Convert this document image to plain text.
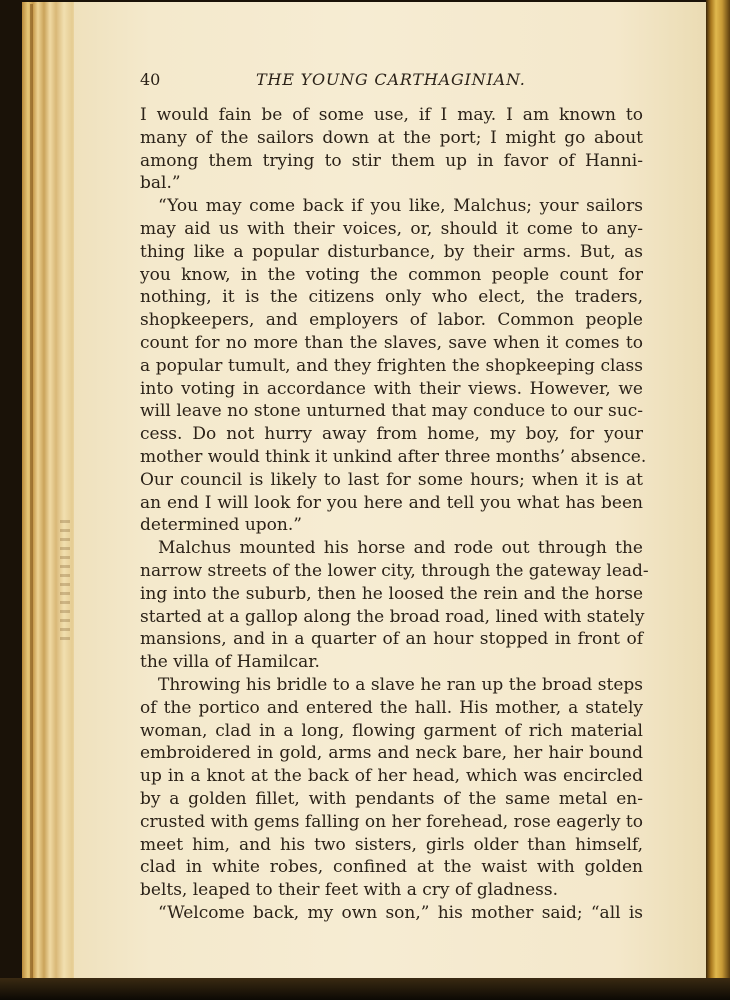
40	THE YOUNG CARTHAGINIAN.
I would fain be of some use, if I may. I am known to
many of the sailors down at the port; I might go about
among them trying to stir them up in favor of Hanni-
bal.”
“You may come back if you like, Malchus; your sailors
may aid us with their voices, or, should it come to any-
thing like a popular disturbance, by their arms. But, as
you know, in the voting the common people count for
nothing, it is the citizens only who elect, the traders,
shopkeepers, and employers of labor. Common people
count for no more than the slaves, save when it comes to
a popular tumult, and they frighten the shopkeeping class
into voting in accordance with their views. However, we
will leave no stone unturned that may conduce to our suc-
cess. Do not hurry away from home, my boy, for your
mother would think it unkind after three months’ absence.
Our council is likely to last for some hours; when it is at
an end I will look for you here and tell you what has been
determined upon.”
Malchus mounted his horse and rode out through the
narrow streets of the lower city, through the gateway lead-
ing into the suburb, then he loosed the rein and the horse
started at a gallop along the broad road, lined with stately
mansions, and in a quarter of an hour stopped in front of
the villa of Hamilcar.
Throwing his bridle to a slave he ran up the broad steps
of the portico and entered the hall. His mother, a stately
woman, clad in a long, flowing garment of rich material
embroidered in gold, arms and neck bare, her hair bound
up in a knot at the back of her head, which was encircled
by a golden fillet, with pendants of the same metal en-
crusted with gems falling on her forehead, rose eagerly to
meet him, and his two sisters, girls older than himself,
clad in white robes, confined at the waist with golden
belts, leaped to their feet with a cry of gladness.
“Welcome back, my own son,” his mother said; “all is
